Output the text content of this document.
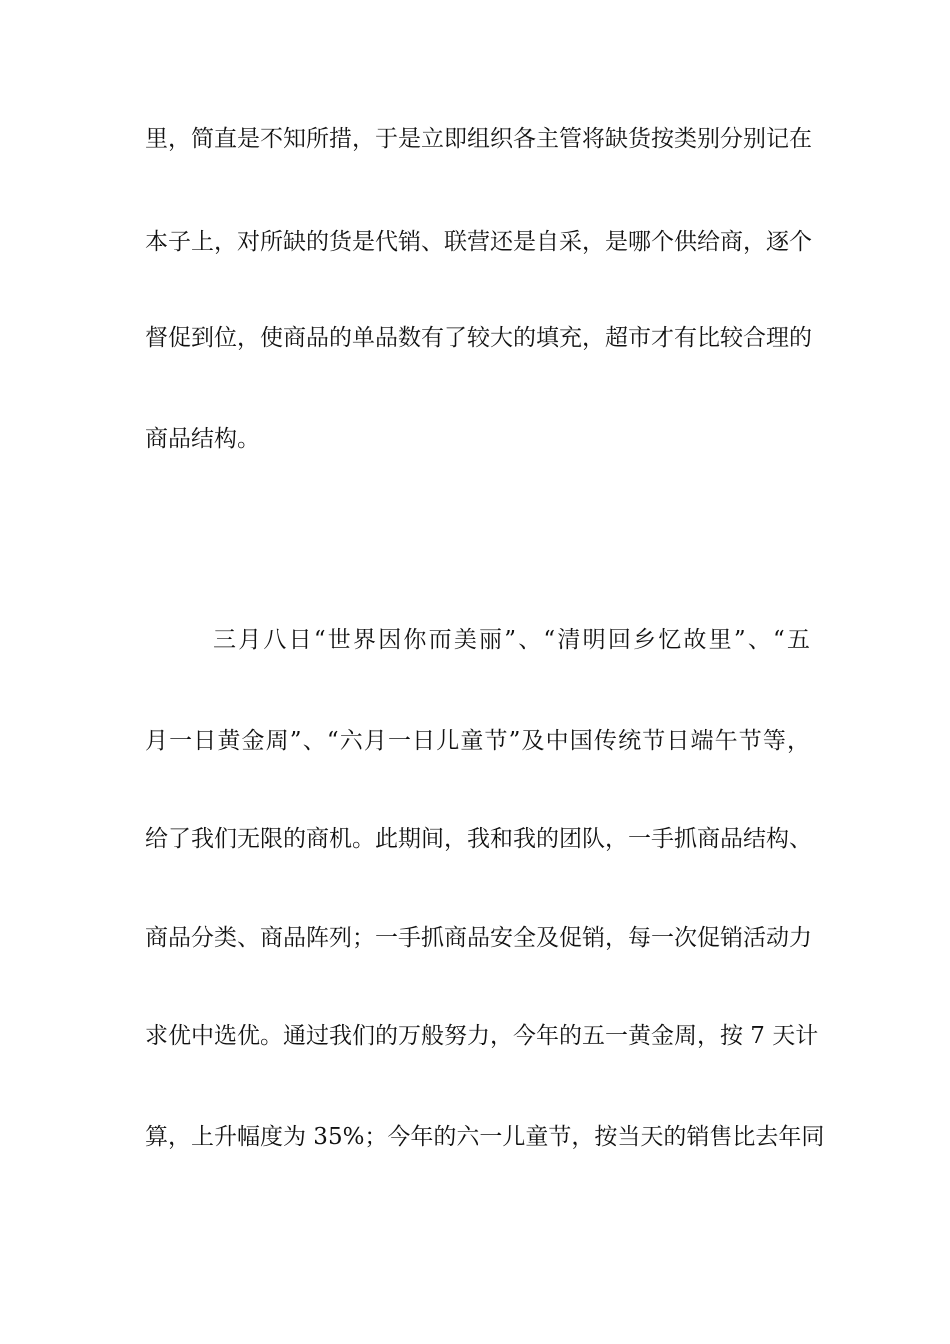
里，简直是不知所措，于是立即组织各主管将缺货按类别分别记在
本子上，对所缺的货是代销、联营还是自采，是哪个供给商，逐个
督促到位，使商品的单品数有了较大的填充，超市才有比较合理的
商品结构。
三月八日“世界因你而美丽”、“清明回乡忆故里”、“五
月一日黄金周”、“六月一日儿童节”及中国传统节日端午节等，
给了我们无限的商机。此期间，我和我的团队，一手抓商品结构、
商品分类、商品阵列；一手抓商品安全及促销，每一次促销活动力
求优中选优。通过我们的万般努力，今年的五一黄金周，按 7 天计
算，上升幅度为 35%；今年的六一儿童节，按当天的销售比去年同
